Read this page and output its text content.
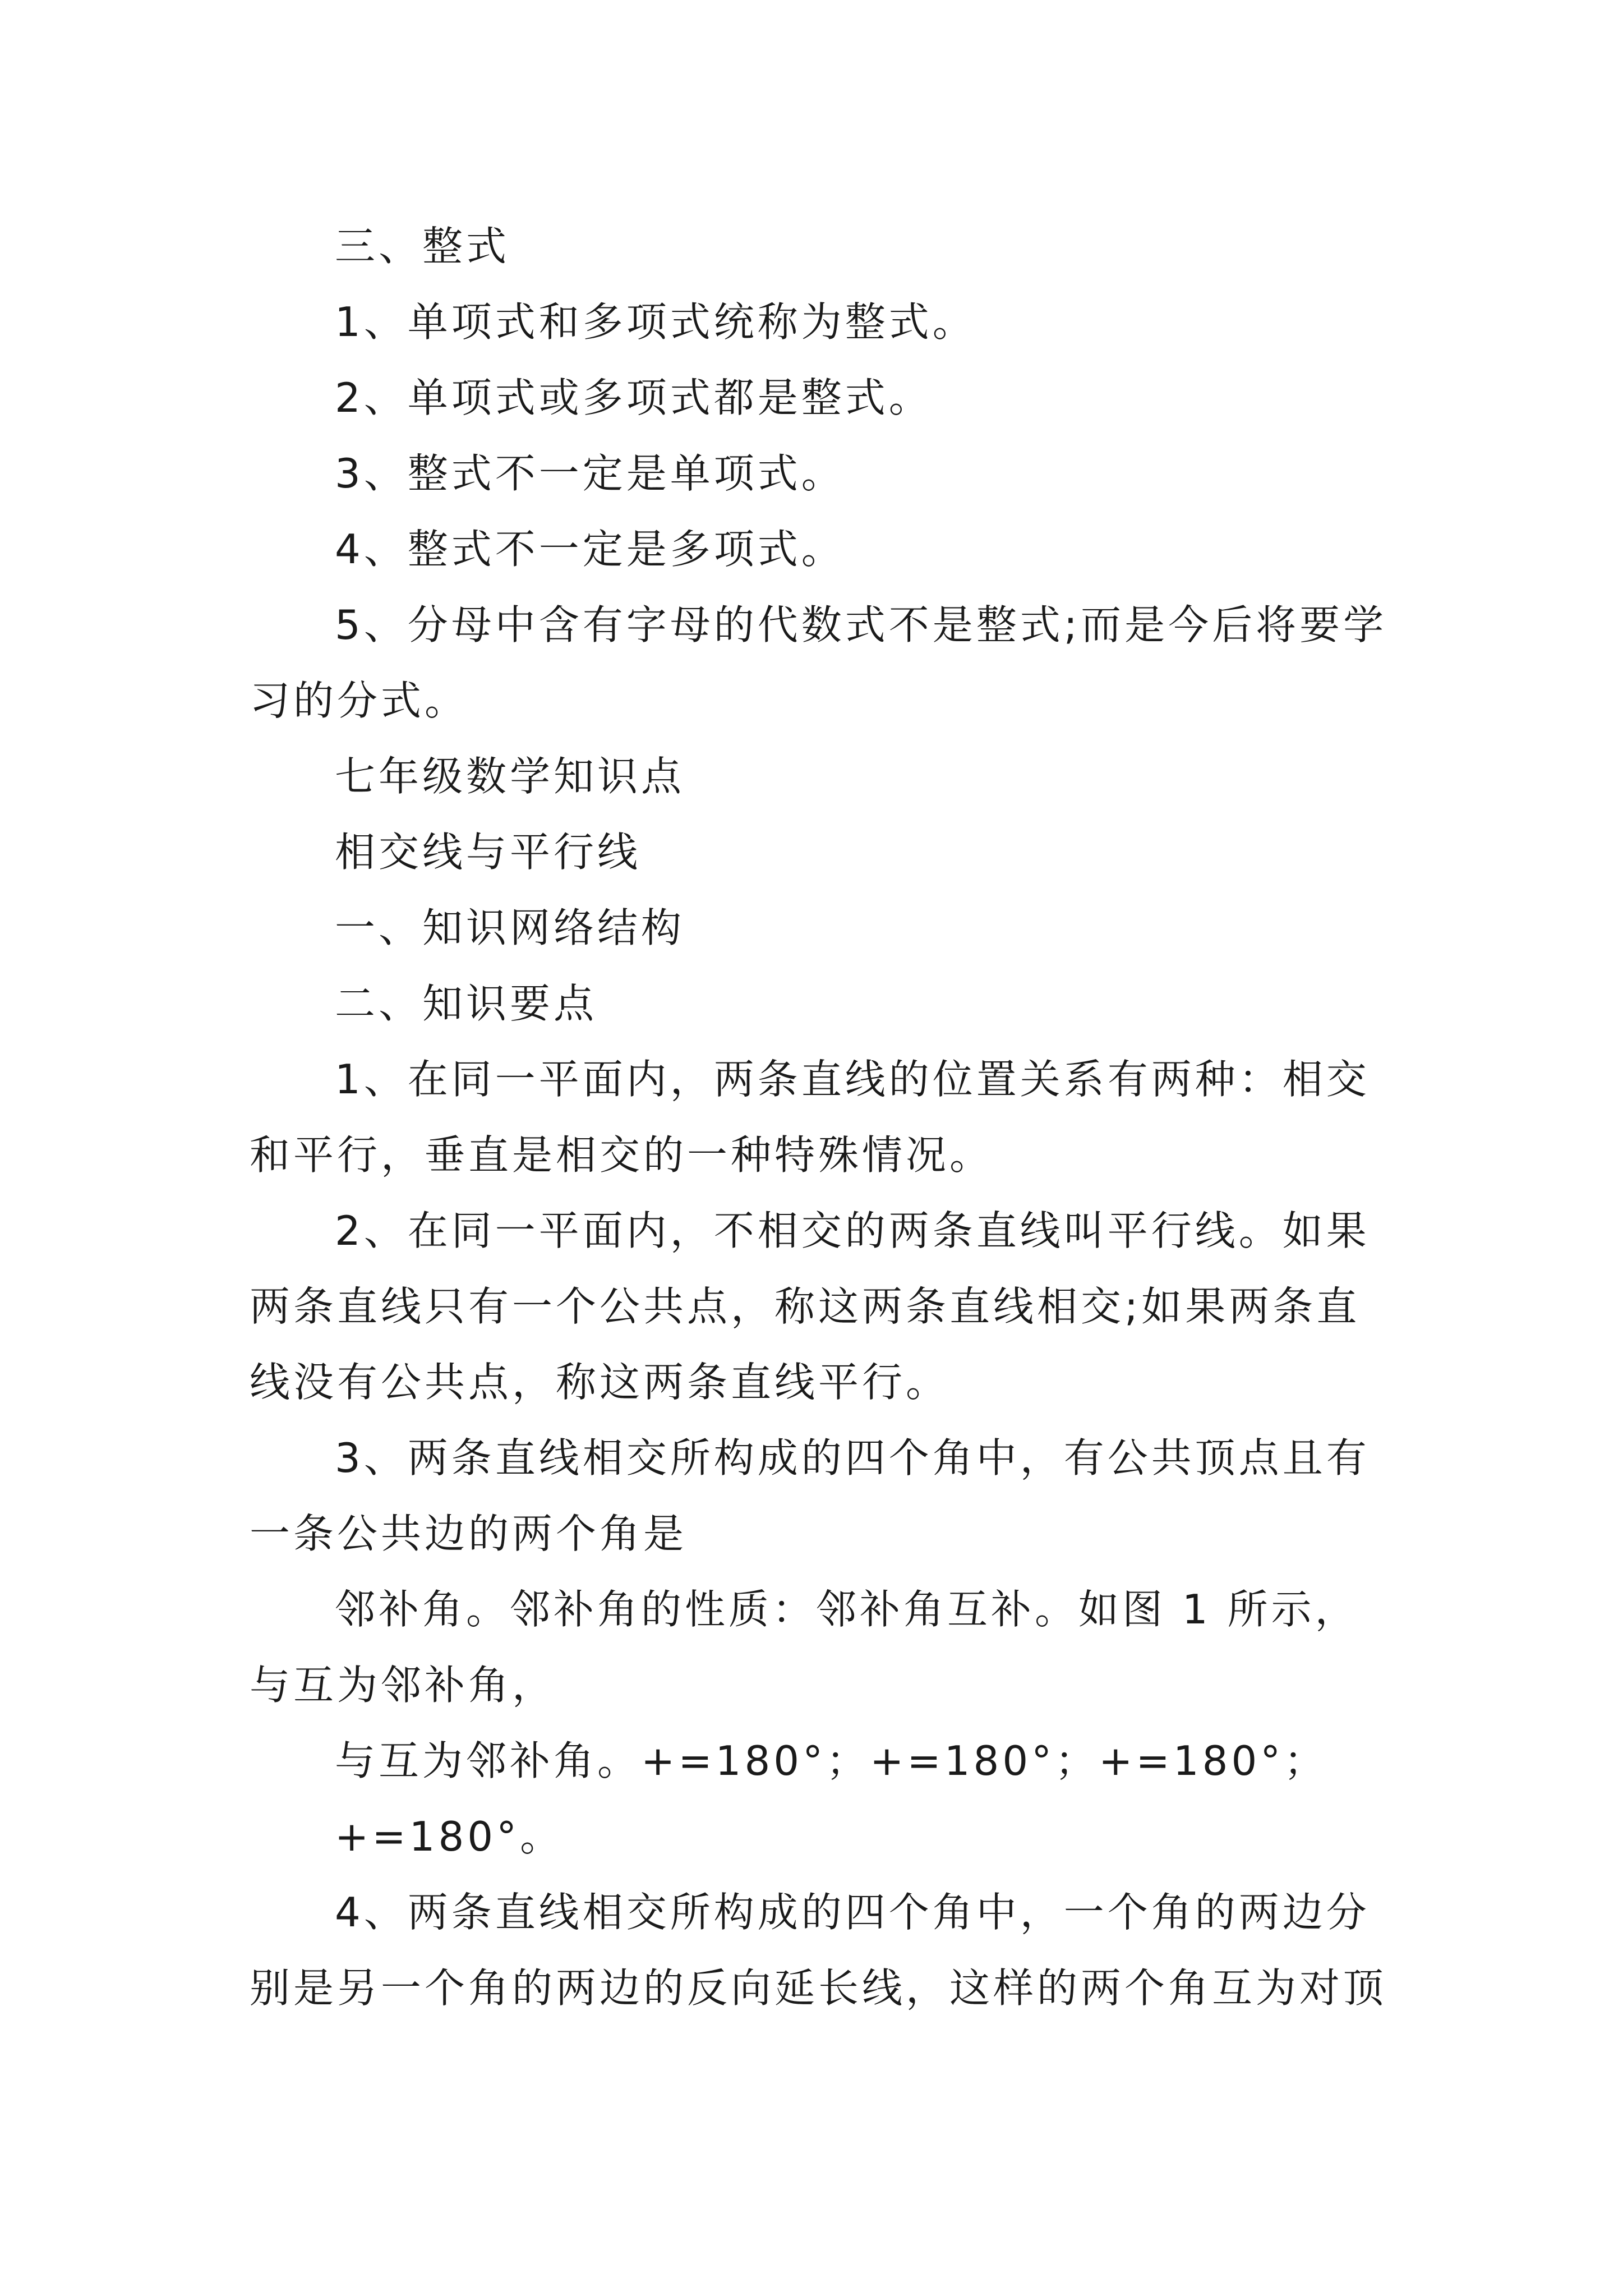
三、整式

1、单项式和多项式统称为整式。

2、单项式或多项式都是整式。

3、整式不一定是单项式。

4、整式不一定是多项式。

5、分母中含有字母的代数式不是整式;而是今后将要学习的分式。

七年级数学知识点

相交线与平行线

一、知识网络结构

二、知识要点

1、在同一平面内，两条直线的位置关系有两种：相交和平行，垂直是相交的一种特殊情况。

2、在同一平面内，不相交的两条直线叫平行线。如果两条直线只有一个公共点，称这两条直线相交;如果两条直线没有公共点，称这两条直线平行。

3、两条直线相交所构成的四个角中，有公共顶点且有一条公共边的两个角是

邻补角。邻补角的性质：邻补角互补。如图 1 所示，与互为邻补角，

与互为邻补角。+=180°；+=180°；+=180°；

+=180°。

4、两条直线相交所构成的四个角中，一个角的两边分别是另一个角的两边的反向延长线，这样的两个角互为对顶
